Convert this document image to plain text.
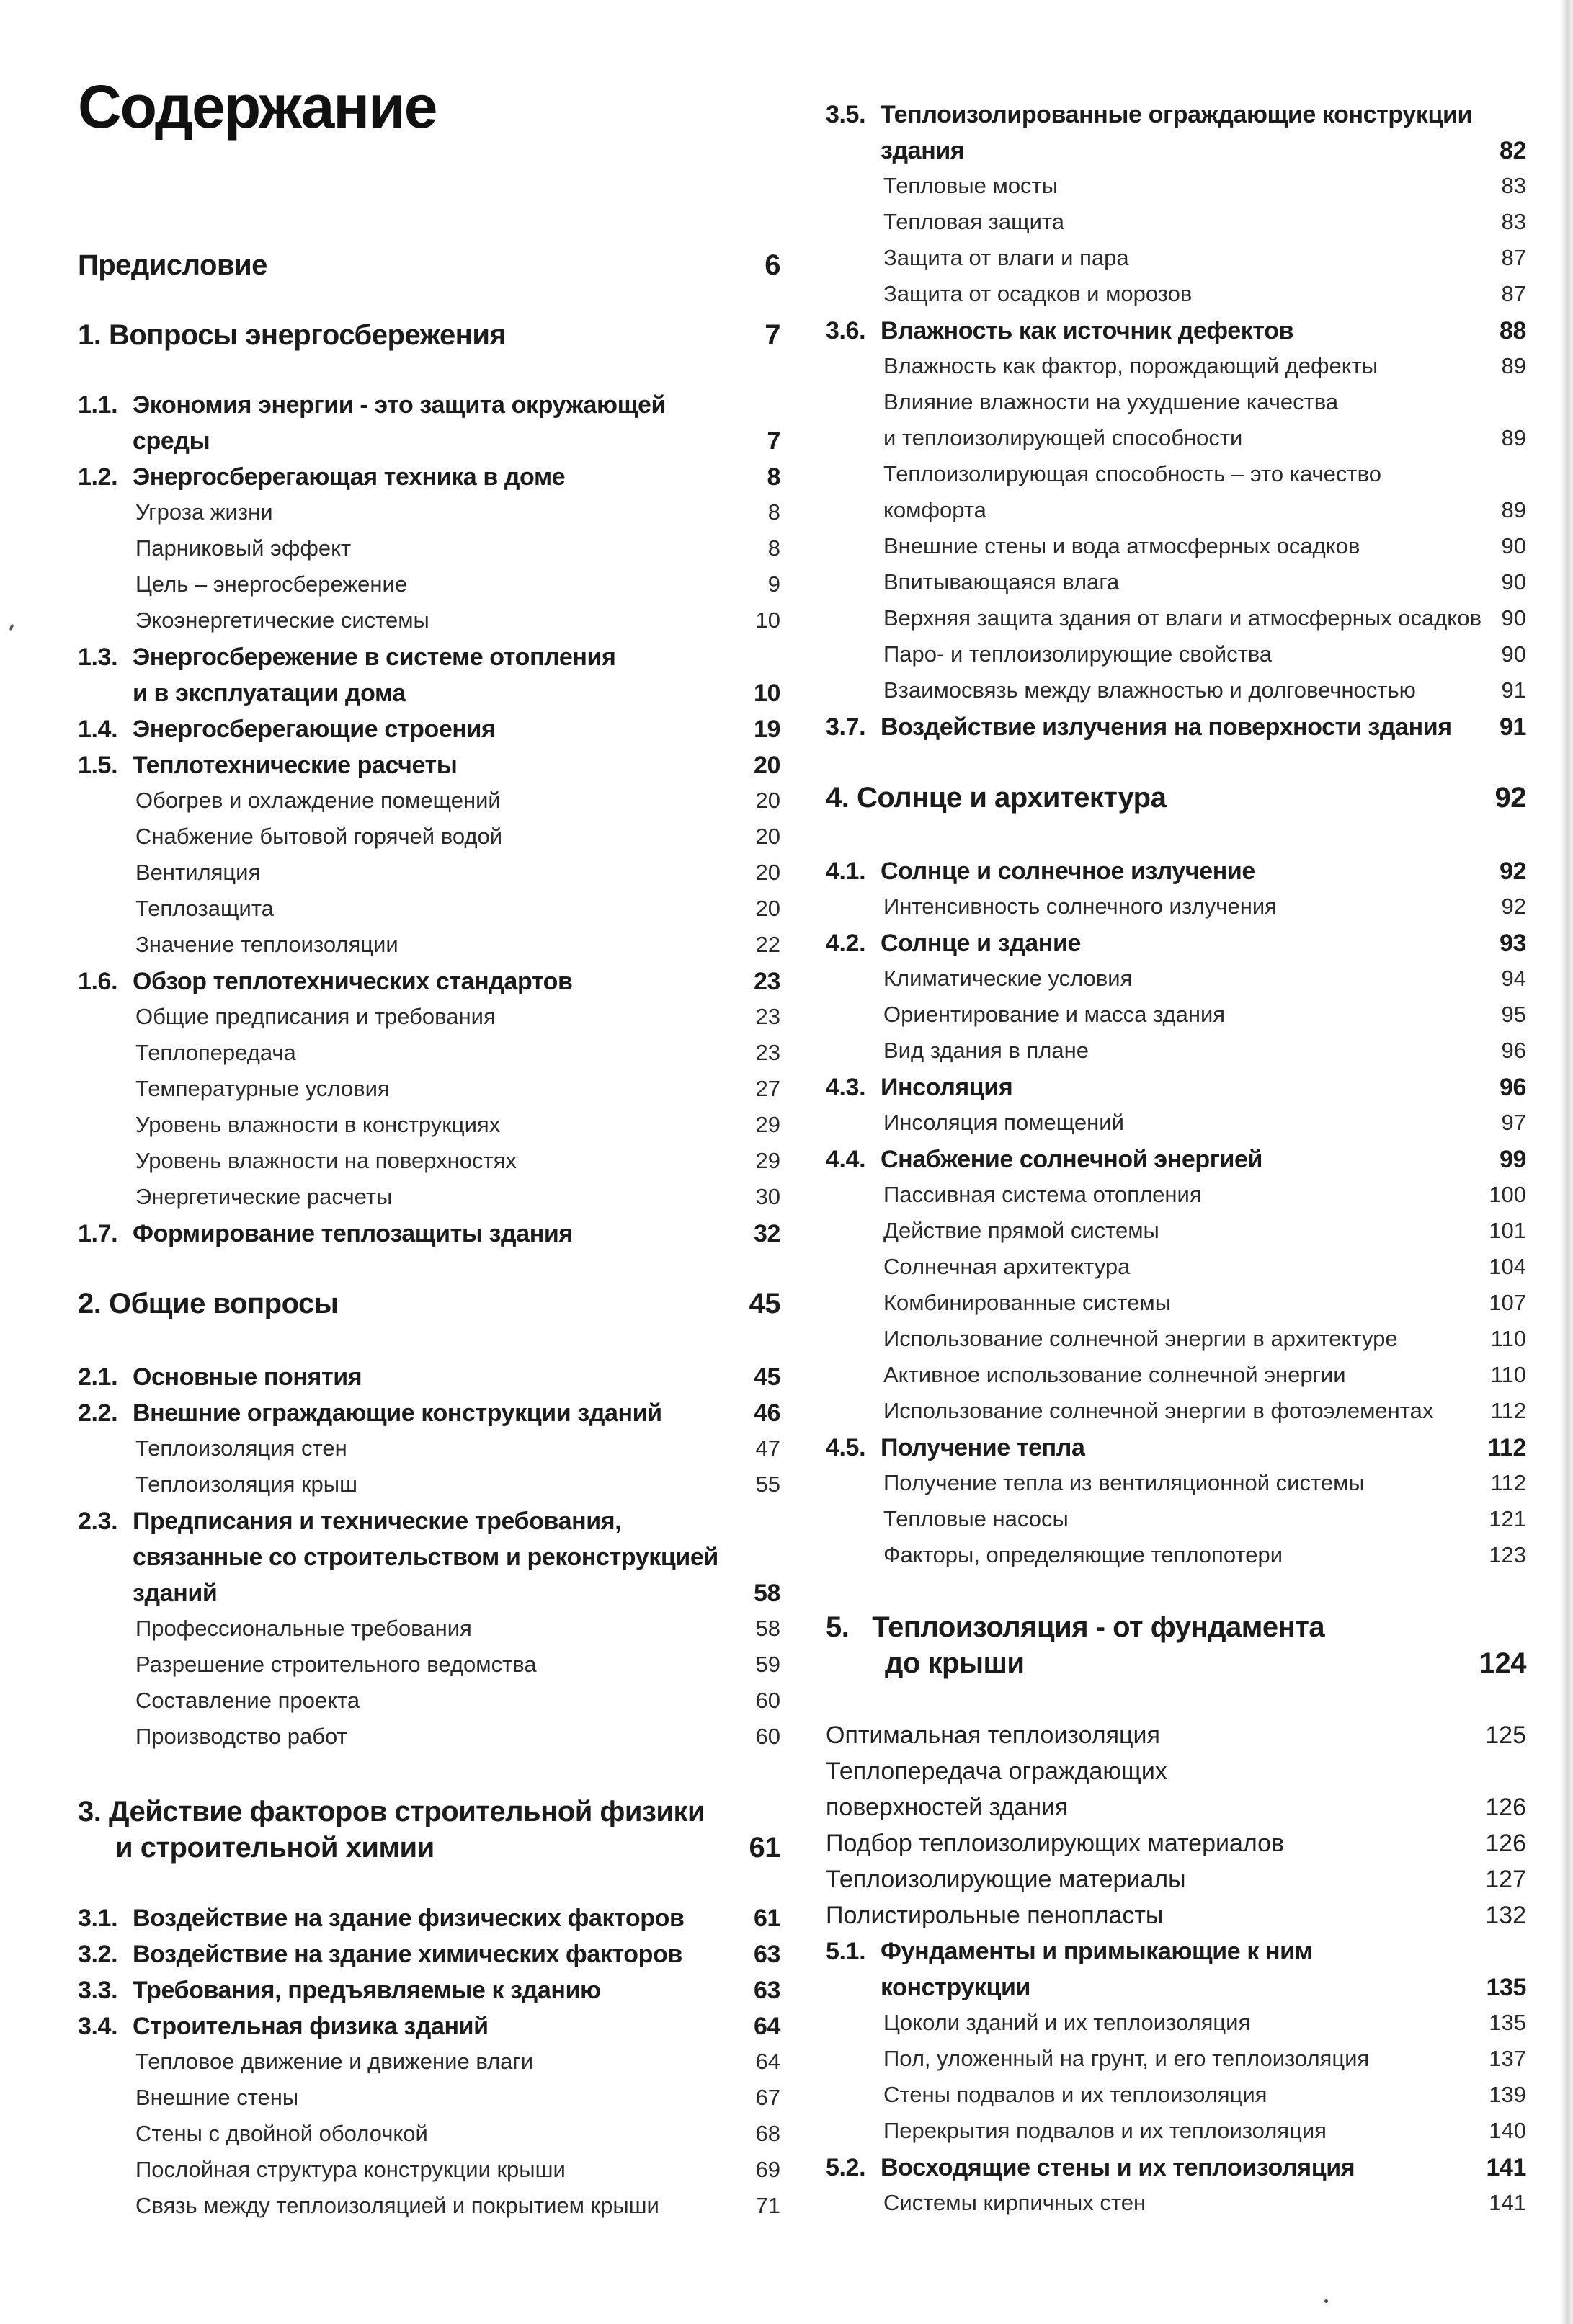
Содержание
Предисловие	6
1. Вопросы энергосбережения	7
1.1. Экономия энергии - это защита окружающей
среды	7
1.2. Энергосберегающая техника в доме	8
Угроза жизни	8
Парниковый эффект	8
Цель – энергосбережение	9
Экоэнергетические системы	10
1.3. Энергосбережение в системе отопления
и в эксплуатации дома	10
1.4. Энергосберегающие строения	19
1.5. Теплотехнические расчеты	20
Обогрев и охлаждение помещений	20
Снабжение бытовой горячей водой	20
Вентиляция	20
Теплозащита	20
Значение теплоизоляции	22
1.6. Обзор теплотехнических стандартов	23
Общие предписания и требования	23
Теплопередача	23
Температурные условия	27
Уровень влажности в конструкциях	29
Уровень влажности на поверхностях	29
Энергетические расчеты	30
1.7. Формирование теплозащиты здания	32
2. Общие вопросы	45
2.1. Основные понятия	45
2.2. Внешние ограждающие конструкции зданий	46
Теплоизоляция стен	47
Теплоизоляция крыш	55
2.3. Предписания и технические требования,
связанные со строительством и реконструкцией
зданий	58
Профессиональные требования	58
Разрешение строительного ведомства	59
Составление проекта	60
Производство работ	60
3. Действие факторов строительной физики
и строительной химии	61
3.1. Воздействие на здание физических факторов	61
3.2. Воздействие на здание химических факторов	63
3.3. Требования, предъявляемые к зданию	63
3.4. Строительная физика зданий	64
Тепловое движение и движение влаги	64
Внешние стены	67
Стены с двойной оболочкой	68
Послойная структура конструкции крыши	69
Связь между теплоизоляцией и покрытием крыши	71
3.5. Теплоизолированные ограждающие конструкции
здания	82
Тепловые мосты	83
Тепловая защита	83
Защита от влаги и пара	87
Защита от осадков и морозов	87
3.6. Влажность как источник дефектов	88
Влажность как фактор, порождающий дефекты	89
Влияние влажности на ухудшение качества
и теплоизолирующей способности	89
Теплоизолирующая способность – это качество
комфорта	89
Внешние стены и вода атмосферных осадков	90
Впитывающаяся влага	90
Верхняя защита здания от влаги и атмосферных осадков 90
Паро- и теплоизолирующие свойства	90
Взаимосвязь между влажностью и долговечностью	91
3.7. Воздействие излучения на поверхности здания	91
4. Солнце и архитектура	92
4.1. Солнце и солнечное излучение	92
Интенсивность солнечного излучения	92
4.2. Солнце и здание	93
Климатические условия	94
Ориентирование и масса здания	95
Вид здания в плане	96
4.3. Инсоляция	96
Инсоляция помещений	97
4.4. Снабжение солнечной энергией	99
Пассивная система отопления	100
Действие прямой системы	101
Солнечная архитектура	104
Комбинированные системы	107
Использование солнечной энергии в архитектуре	110
Активное использование солнечной энергии	110
Использование солнечной энергии в фотоэлементах	112
4.5. Получение тепла	112
Получение тепла из вентиляционной системы	112
Тепловые насосы	121
Факторы, определяющие теплопотери	123
5.   Теплоизоляция - от фундамента
до крыши	124
Оптимальная теплоизоляция	125
Теплопередача ограждающих
поверхностей здания	126
Подбор теплоизолирующих материалов	126
Теплоизолирующие материалы	127
Полистирольные пенопласты	132
5.1. Фундаменты и примыкающие к ним
конструкции	135
Цоколи зданий и их теплоизоляция	135
Пол, уложенный на грунт, и его теплоизоляция	137
Стены подвалов и их теплоизоляция	139
Перекрытия подвалов и их теплоизоляция	140
5.2. Восходящие стены и их теплоизоляция	141
Системы кирпичных стен	141
